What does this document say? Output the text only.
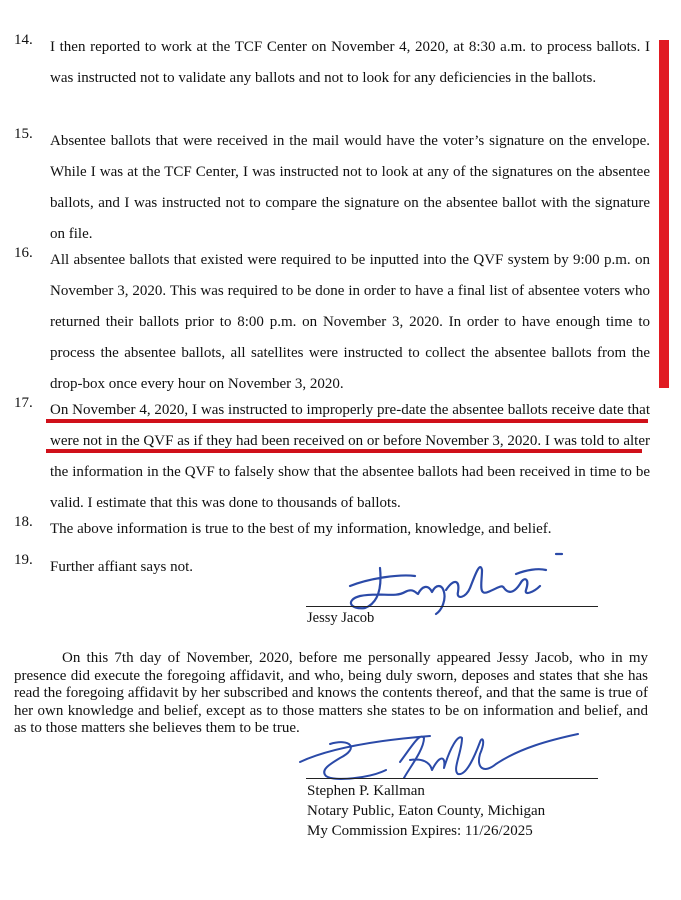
14. I then reported to work at the TCF Center on November 4, 2020, at 8:30 a.m. to process ballots. I was instructed not to validate any ballots and not to look for any deficiencies in the ballots.
15. Absentee ballots that were received in the mail would have the voter’s signature on the envelope. While I was at the TCF Center, I was instructed not to look at any of the signatures on the absentee ballots, and I was instructed not to compare the signature on the absentee ballot with the signature on file.
16. All absentee ballots that existed were required to be inputted into the QVF system by 9:00 p.m. on November 3, 2020. This was required to be done in order to have a final list of absentee voters who returned their ballots prior to 8:00 p.m. on November 3, 2020. In order to have enough time to process the absentee ballots, all satellites were instructed to collect the absentee ballots from the drop-box once every hour on November 3, 2020.
17. On November 4, 2020, I was instructed to improperly pre-date the absentee ballots receive date that were not in the QVF as if they had been received on or before November 3, 2020. I was told to alter the information in the QVF to falsely show that the absentee ballots had been received in time to be valid. I estimate that this was done to thousands of ballots.
18. The above information is true to the best of my information, knowledge, and belief.
19. Further affiant says not.
Jessy Jacob
On this 7th day of November, 2020, before me personally appeared Jessy Jacob, who in my presence did execute the foregoing affidavit, and who, being duly sworn, deposes and states that she has read the foregoing affidavit by her subscribed and knows the contents thereof, and that the same is true of her own knowledge and belief, except as to those matters she states to be on information and belief, and as to those matters she believes them to be true.
Stephen P. Kallman
Notary Public, Eaton County, Michigan
My Commission Expires: 11/26/2025
